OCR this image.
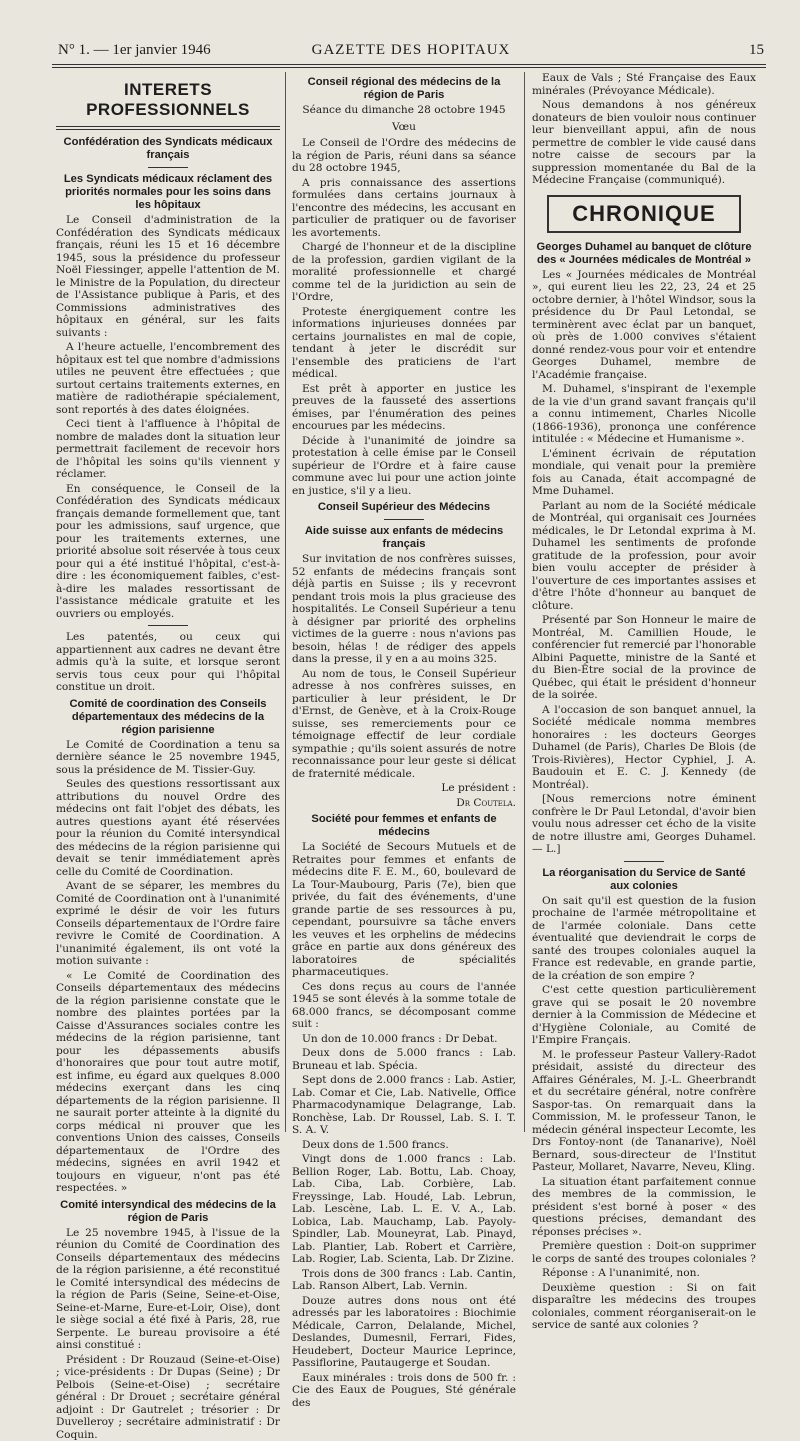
GAZETTE DES HOPITAUX
N° 1. — 1er janvier 1946	15
INTERETS PROFESSIONNELS
Confédération des Syndicats médicaux français
Les Syndicats médicaux réclament des priorités normales pour les soins dans les hôpitaux

Le Conseil d'administration de la Confédération des Syndicats médicaux français, réuni les 15 et 16 décembre 1945, sous la présidence du professeur Noël Fiessinger, appelle l'attention de M. le Ministre de la Population, du directeur de l'Assistance publique à Paris, et des Commissions administratives des hôpitaux en général, sur les faits suivants :

A l'heure actuelle, l'encombrement des hôpitaux est tel que nombre d'admissions utiles ne peuvent être effectuées ; que surtout certains traitements externes, en matière de radiothérapie spécialement, sont reportés à des dates éloignées.

Ceci tient à l'affluence à l'hôpital de nombre de malades dont la situation leur permettrait facilement de recevoir hors de l'hôpital les soins qu'ils viennent y réclamer.

En conséquence, le Conseil de la Confédération des Syndicats médicaux français demande formellement que, tant pour les admissions, sauf urgence, que pour les traitements externes, une priorité absolue soit réservée à tous ceux pour qui a été institué l'hôpital, c'est-à-dire : les économiquement faibles, c'est-à-dire les malades ressortissant de l'assistance médicale gratuite et les ouvriers ou employés.

Les patentés, ou ceux qui appartiennent aux cadres ne devant être admis qu'à la suite, et lorsque seront servis tous ceux pour qui l'hôpital constitue un droit.

Comité de coordination des Conseils départementaux des médecins de la région parisienne

Le Comité de Coordination a tenu sa dernière séance le 25 novembre 1945, sous la présidence de M. Tissier-Guy.

Seules des questions ressortissant aux attributions du nouvel Ordre des médecins ont fait l'objet des débats, les autres questions ayant été réservées pour la réunion du Comité intersyndical des médecins de la région parisienne qui devait se tenir immédiatement après celle du Comité de Coordination.

Avant de se séparer, les membres du Comité de Coordination ont à l'unanimité exprimé le désir de voir les futurs Conseils départementaux de l'Ordre faire revivre le Comité de Coordination. A l'unanimité également, ils ont voté la motion suivante :

« Le Comité de Coordination des Conseils départementaux des médecins de la région parisienne constate que le nombre des plaintes portées par la Caisse d'Assurances sociales contre les médecins de la région parisienne, tant pour les dépassements abusifs d'honoraires que pour tout autre motif, est infime, eu égard aux quelques 8.000 médecins exerçant dans les cinq départements de la région parisienne. Il ne saurait porter atteinte à la dignité du corps médical ni prouver que les conventions Union des caisses, Conseils départementaux de l'Ordre des médecins, signées en avril 1942 et toujours en vigueur, n'ont pas été respectées. »

Comité intersyndical des médecins de la région de Paris

Le 25 novembre 1945, à l'issue de la réunion du Comité de Coordination des Conseils départementaux des médecins de la région parisienne, a été reconstitué le Comité intersyndical des médecins de la région de Paris (Seine, Seine-et-Oise, Seine-et-Marne, Eure-et-Loir, Oise), dont le siège social a été fixé à Paris, 28, rue Serpente. Le bureau provisoire a été ainsi constitué :

Président : Dr Rouzaud (Seine-et-Oise) ; vice-présidents : Dr Dupas (Seine) ; Dr Pelbois (Seine-et-Oise) ; secrétaire général : Dr Drouet ; secrétaire général adjoint : Dr Gautrelet ; trésorier : Dr Duvelleroy ; secrétaire administratif : Dr Coquin.

Conseil régional des médecins de la région de Paris

Séance du dimanche 28 octobre 1945

Vœu

Le Conseil de l'Ordre des médecins de la région de Paris, réuni dans sa séance du 28 octobre 1945,

A pris connaissance des assertions formulées dans certains journaux à l'encontre des médecins, les accusant en particulier de pratiquer ou de favoriser les avortements.

Chargé de l'honneur et de la discipline de la profession, gardien vigilant de la moralité professionnelle et chargé comme tel de la juridiction au sein de l'Ordre,

Proteste énergiquement contre les informations injurieuses données par certains journalistes en mal de copie, tendant à jeter le discrédit sur l'ensemble des praticiens de l'art médical.

Est prêt à apporter en justice les preuves de la fausseté des assertions émises, par l'énumération des peines encourues par les médecins.

Décide à l'unanimité de joindre sa protestation à celle émise par le Conseil supérieur de l'Ordre et à faire cause commune avec lui pour une action jointe en justice, s'il y a lieu.

Conseil Supérieur des Médecins
Aide suisse aux enfants de médecins français

Sur invitation de nos confrères suisses, 52 enfants de médecins français sont déjà partis en Suisse ; ils y recevront pendant trois mois la plus gracieuse des hospitalités. Le Conseil Supérieur a tenu à désigner par priorité des orphelins victimes de la guerre : nous n'avions pas besoin, hélas ! de rédiger des appels dans la presse, il y en a au moins 325.

Au nom de tous, le Conseil Supérieur adresse à nos confrères suisses, en particulier à leur président, le Dr d'Ernst, de Genève, et à la Croix-Rouge suisse, ses remerciements pour ce témoignage effectif de leur cordiale sympathie ; qu'ils soient assurés de notre reconnaissance pour leur geste si délicat de fraternité médicale.

Le président :

Dr Coutela.

Société pour femmes et enfants de médecins

La Société de Secours Mutuels et de Retraites pour femmes et enfants de médecins dite F. E. M., 60, boulevard de La Tour-Maubourg, Paris (7e), bien que privée, du fait des événements, d'une grande partie de ses ressources à pu, cependant, poursuivre sa tâche envers les veuves et les orphelins de médecins grâce en partie aux dons généreux des laboratoires de spécialités pharmaceutiques.

Ces dons reçus au cours de l'année 1945 se sont élevés à la somme totale de 68.000 francs, se décomposant comme suit :

Un don de 10.000 francs : Dr Debat.

Deux dons de 5.000 francs : Lab. Bruneau et lab. Spécia.

Sept dons de 2.000 francs : Lab. Astier, Lab. Comar et Cie, Lab. Nativelle, Office Pharmacodynamique Delagrange, Lab. Ronchèse, Lab. Dr Roussel, Lab. S. I. T. S. A. V.

Deux dons de 1.500 francs.

Vingt dons de 1.000 francs : Lab. Bellion Roger, Lab. Bottu, Lab. Choay, Lab. Ciba, Lab. Corbière, Lab. Freyssinge, Lab. Houdé, Lab. Lebrun, Lab. Lescène, Lab. L. E. V. A., Lab. Lobica, Lab. Mauchamp, Lab. Payoly-Spindler, Lab. Mouneyrat, Lab. Pinayd, Lab. Plantier, Lab. Robert et Carrière, Lab. Rogier, Lab. Scienta, Lab. Dr Zizine.

Trois dons de 300 francs : Lab. Cantin, Lab. Ranson Albert, Lab. Vernin.

Douze autres dons nous ont été adressés par les laboratoires : Biochimie Médicale, Carron, Delalande, Michel, Deslandes, Dumesnil, Ferrari, Fides, Heudebert, Docteur Maurice Leprince, Passiflorine, Pautaugerge et Soudan.

Eaux minérales : trois dons de 500 fr. : Cie des Eaux de Pougues, Sté générale des

Eaux de Vals ; Sté Française des Eaux minérales (Prévoyance Médicale).

Nous demandons à nos généreux donateurs de bien vouloir nous continuer leur bienveillant appui, afin de nous permettre de combler le vide causé dans notre caisse de secours par la suppression momentanée du Bal de la Médecine Française (communiqué).

CHRONIQUE
Georges Duhamel au banquet de clôture des « Journées médicales de Montréal »

Les « Journées médicales de Montréal », qui eurent lieu les 22, 23, 24 et 25 octobre dernier, à l'hôtel Windsor, sous la présidence du Dr Paul Letondal, se terminèrent avec éclat par un banquet, où près de 1.000 convives s'étaient donné rendez-vous pour voir et entendre Georges Duhamel, membre de l'Académie française.

M. Duhamel, s'inspirant de l'exemple de la vie d'un grand savant français qu'il a connu intimement, Charles Nicolle (1866-1936), prononça une conférence intitulée : « Médecine et Humanisme ».

L'éminent écrivain de réputation mondiale, qui venait pour la première fois au Canada, était accompagné de Mme Duhamel.

Parlant au nom de la Société médicale de Montréal, qui organisait ces Journées médicales, le Dr Letondal exprima à M. Duhamel les sentiments de profonde gratitude de la profession, pour avoir bien voulu accepter de présider à l'ouverture de ces importantes assises et d'être l'hôte d'honneur au banquet de clôture.

Présenté par Son Honneur le maire de Montréal, M. Camillien Houde, le conférencier fut remercié par l'honorable Albini Paquette, ministre de la Santé et du Bien-Être social de la province de Québec, qui était le président d'honneur de la soirée.

A l'occasion de son banquet annuel, la Société médicale nomma membres honoraires : les docteurs Georges Duhamel (de Paris), Charles De Blois (de Trois-Rivières), Hector Cyphiel, J. A. Baudouin et E. C. J. Kennedy (de Montréal).

[Nous remercions notre éminent confrère le Dr Paul Letondal, d'avoir bien voulu nous adresser cet écho de la visite de notre illustre ami, Georges Duhamel. — L.]

La réorganisation du Service de Santé aux colonies

On sait qu'il est question de la fusion prochaine de l'armée métropolitaine et de l'armée coloniale. Dans cette éventualité que deviendrait le corps de santé des troupes coloniales auquel la France est redevable, en grande partie, de la création de son empire ?

C'est cette question particulièrement grave qui se posait le 20 novembre dernier à la Commission de Médecine et d'Hygiène Coloniale, au Comité de l'Empire Français.

M. le professeur Pasteur Vallery-Radot présidait, assisté du directeur des Affaires Générales, M. J.-L. Gheerbrandt et du secrétaire général, notre confrère Saspor-tas. On remarquait dans la Commission, M. le professeur Tanon, le médecin général inspecteur Lecomte, les Drs Fontoy-nont (de Tananarive), Noël Bernard, sous-directeur de l'Institut Pasteur, Mollaret, Navarre, Neveu, Kling.

La situation étant parfaitement connue des membres de la commission, le président s'est borné à poser « des questions précises, demandant des réponses précises ».

Première question : Doit-on supprimer le corps de santé des troupes coloniales ?

Réponse : A l'unanimité, non.

Deuxième question : Si on fait disparaître les médecins des troupes coloniales, comment réorganiserait-on le service de santé aux colonies ?
